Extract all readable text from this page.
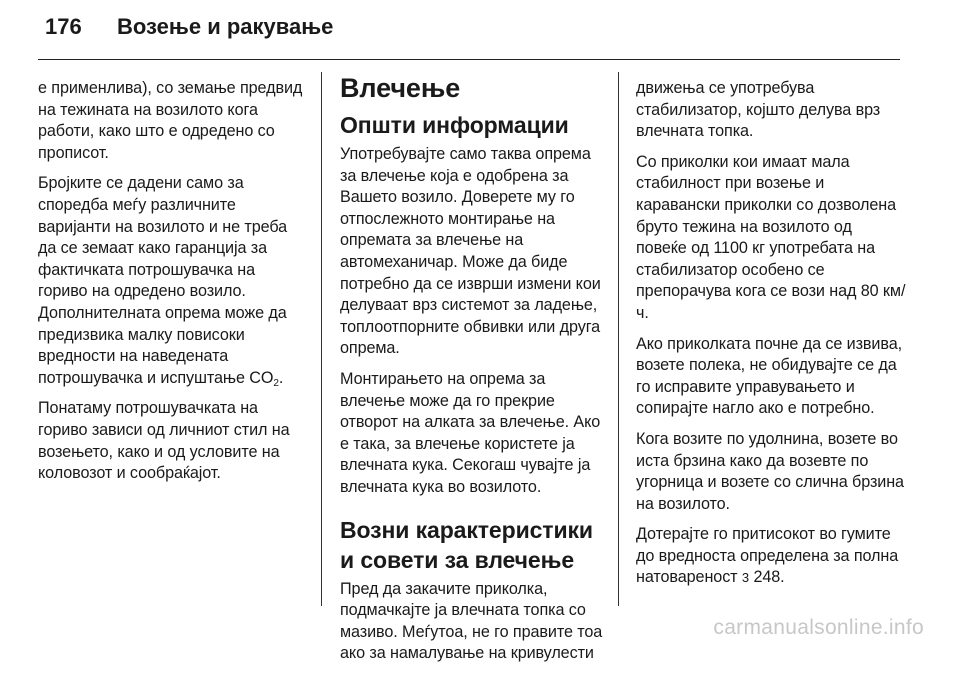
176	Возење и ракување

е применлива), со земање предвид на тежината на возилото кога работи, како што е одредено со прописот.

Бројките се дадени само за споредба меѓу различните варијанти на возилото и не треба да се земаат како гаранција за фактичката потрошувачка на гориво на одредено возило. Дополнителната опрема може да предизвика малку повисоки вредности на наведената потрошувачка и испуштање $CO_2$.

Понатаму потрошувачката на гориво зависи од личниот стил на возењето, како и од условите на коловозот и сообраќајот.

Влечење
Општи информации

Употребувајте само таква опрема за влечење која е одобрена за Вашето возило. Доверете му го отпослежното монтирање на опремата за влечење на автомеханичар. Може да биде потребно да се изврши измени кои делуваат врз системот за ладење, топлоотпорните обвивки или друга опрема.

Монтирањето на опрема за влечење може да го прекрие отворот на алката за влечење. Ако е така, за влечење користете ја влечната кука. Секогаш чувајте ја влечната кука во возилото.

Возни карактеристики и совети за влечење

Пред да закачите приколка, подмачкајте ја влечната топка со мазиво. Меѓутоа, не го правите тоа ако за намалување на кривулести

движења се употребува стабилизатор, којшто делува врз влечната топка.

Со приколки кои имаат мала стабилност при возење и каравански приколки со дозволена бруто тежина на возилото од повеќе од 1100 кг употребата на стабилизатор особено се препорачува кога се вози над 80 км/ч.

Ако приколката почне да се извива, возете полека, не обидувајте се да го исправите управувањето и сопирајте нагло ако е потребно.

Кога возите по удолнина, возете во иста брзина како да возевте по угорница и возете со слична брзина на возилото.

Дотерајте го притисокот во гумите до вредноста определена за полна натовареност 3 248.

carmanualsonline.info
